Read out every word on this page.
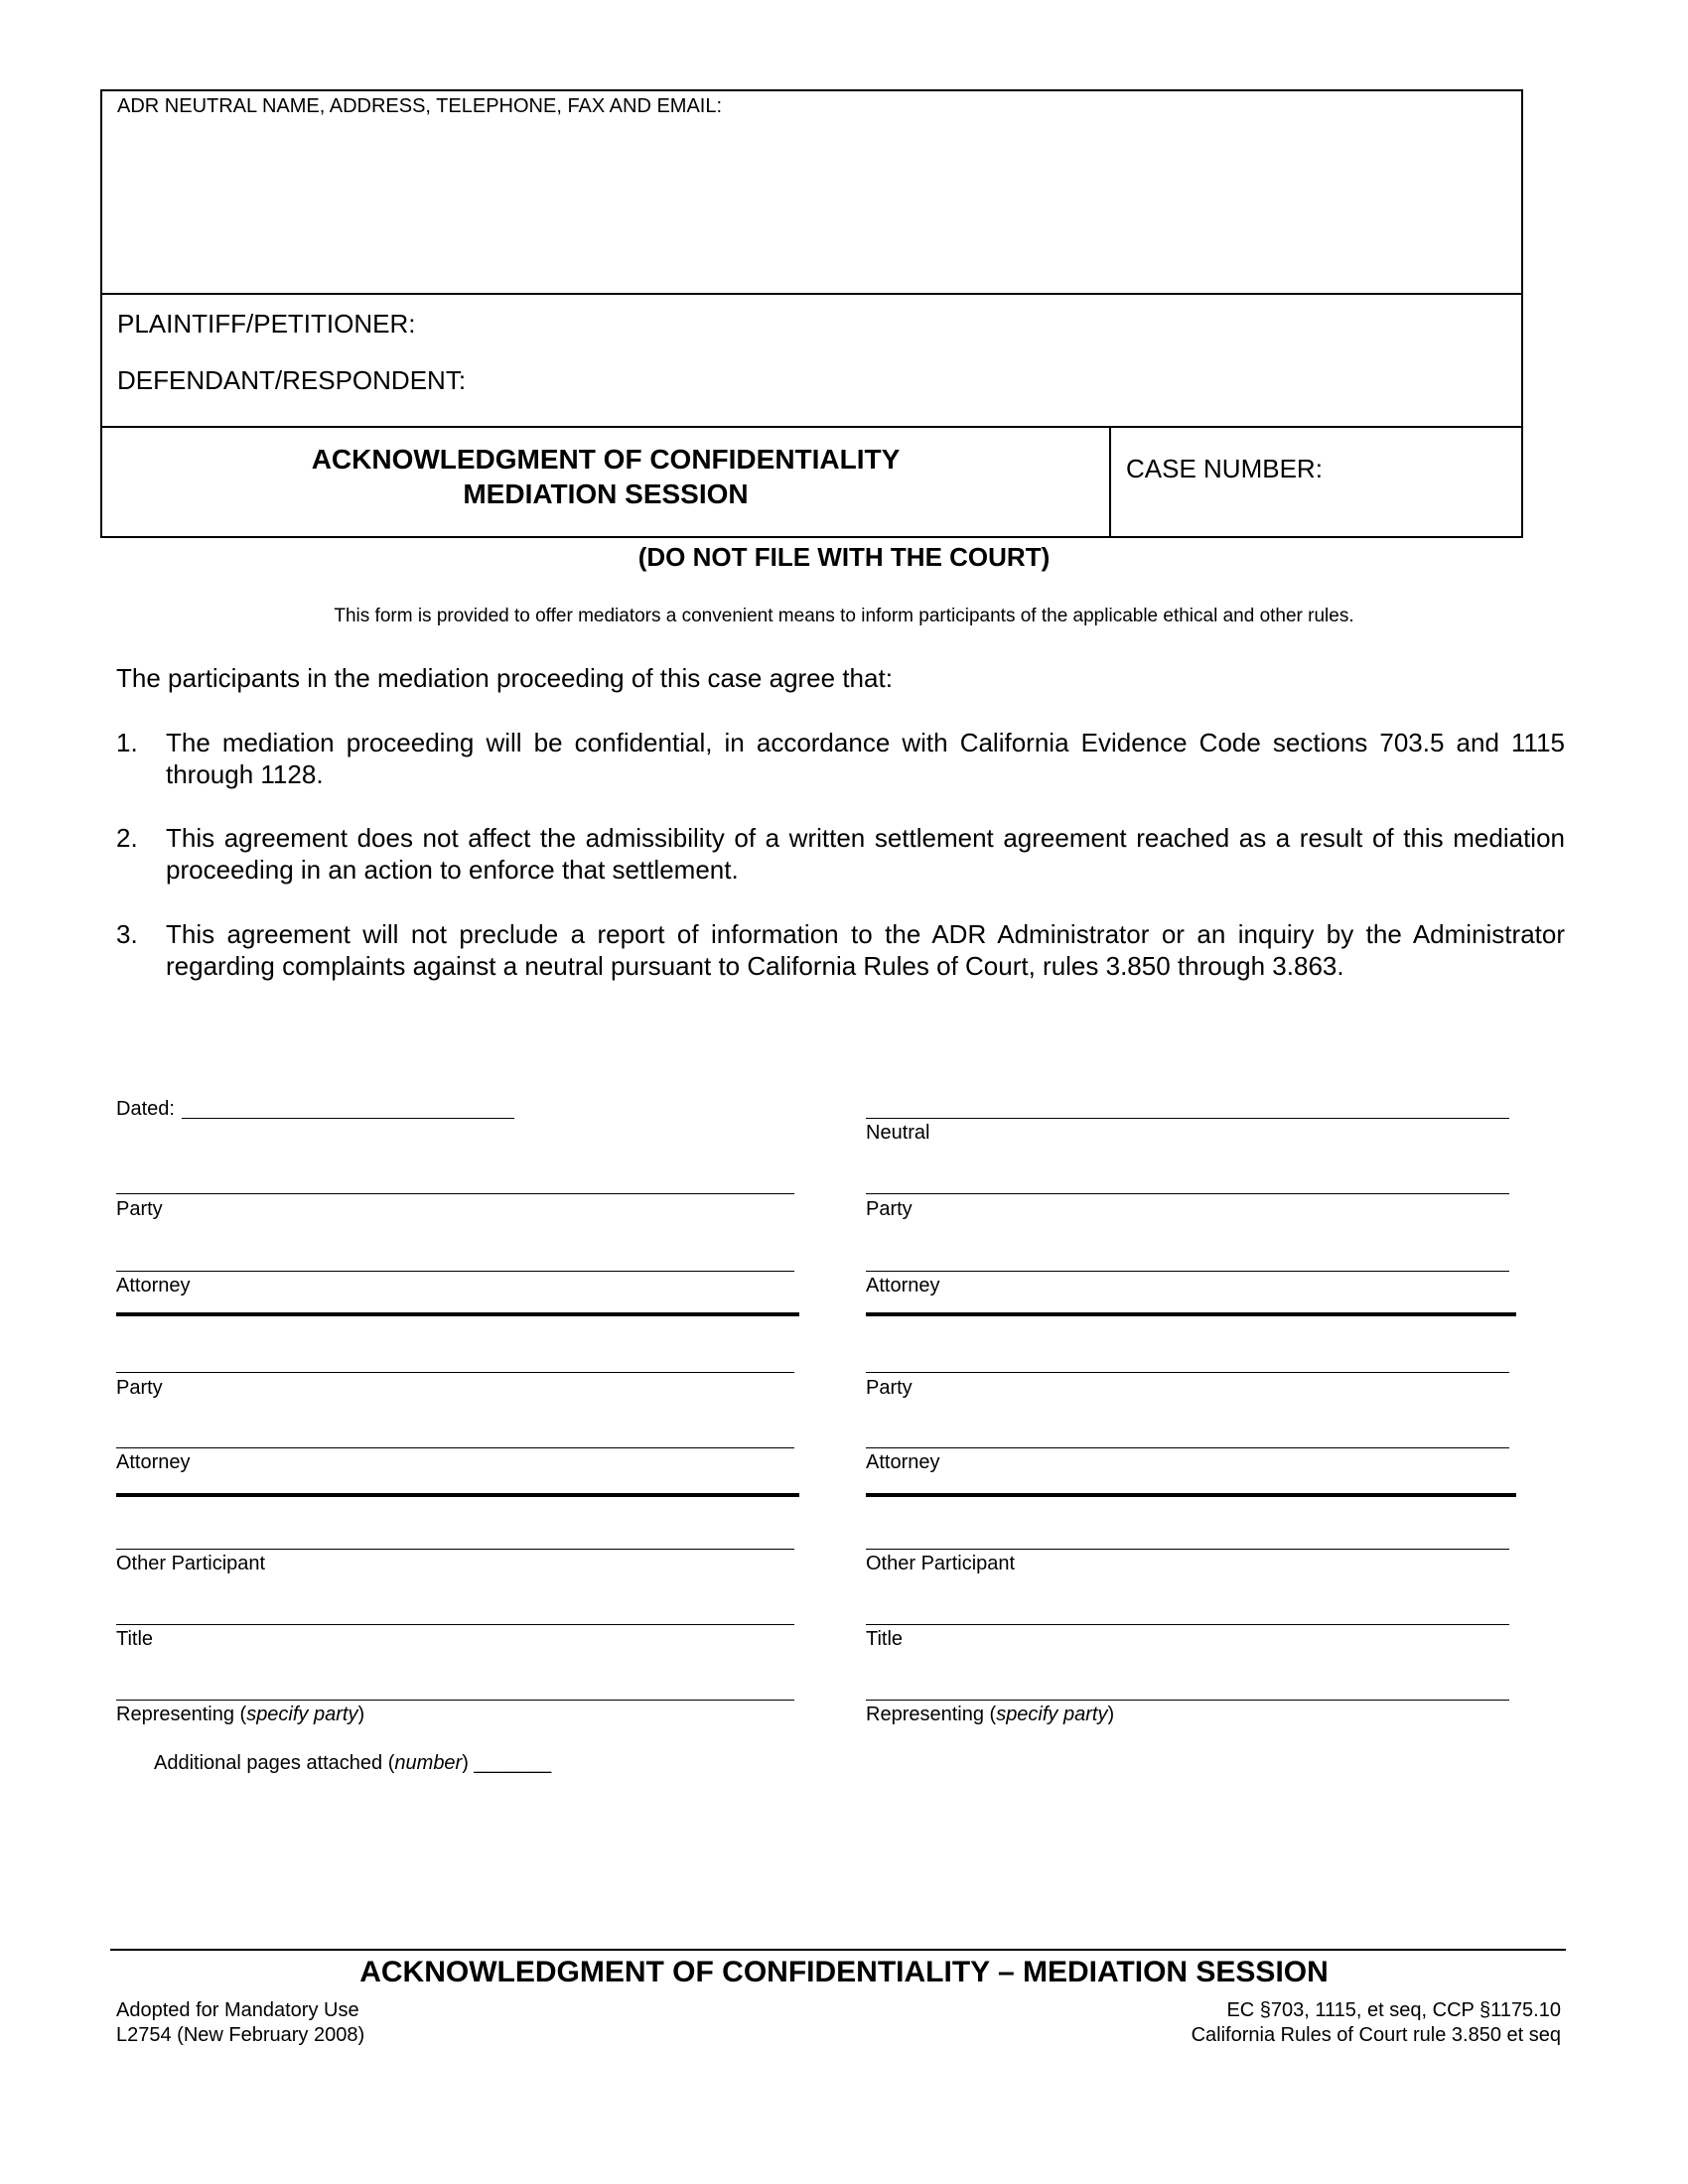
ADR NEUTRAL NAME, ADDRESS, TELEPHONE, FAX AND EMAIL:
PLAINTIFF/PETITIONER:
DEFENDANT/RESPONDENT:
ACKNOWLEDGMENT OF CONFIDENTIALITY
MEDIATION SESSION
CASE NUMBER:
(DO NOT FILE WITH THE COURT)
This form is provided to offer mediators a convenient means to inform participants of the applicable ethical and other rules.
The participants in the mediation proceeding of this case agree that:
1. The mediation proceeding will be confidential, in accordance with California Evidence Code sections 703.5 and 1115 through 1128.
2. This agreement does not affect the admissibility of a written settlement agreement reached as a result of this mediation proceeding in an action to enforce that settlement.
3. This agreement will not preclude a report of information to the ADR Administrator or an inquiry by the Administrator regarding complaints against a neutral pursuant to California Rules of Court, rules 3.850 through 3.863.
Dated:
Neutral
Party	Party
Attorney	Attorney
Party	Party
Attorney	Attorney
Other Participant	Other Participant
Title	Title
Representing (specify party)	Representing (specify party)
Additional pages attached (number) _______
ACKNOWLEDGMENT OF CONFIDENTIALITY – MEDIATION SESSION
Adopted for Mandatory Use
L2754 (New February 2008)
EC §703, 1115, et seq, CCP §1175.10
California Rules of Court rule 3.850 et seq
